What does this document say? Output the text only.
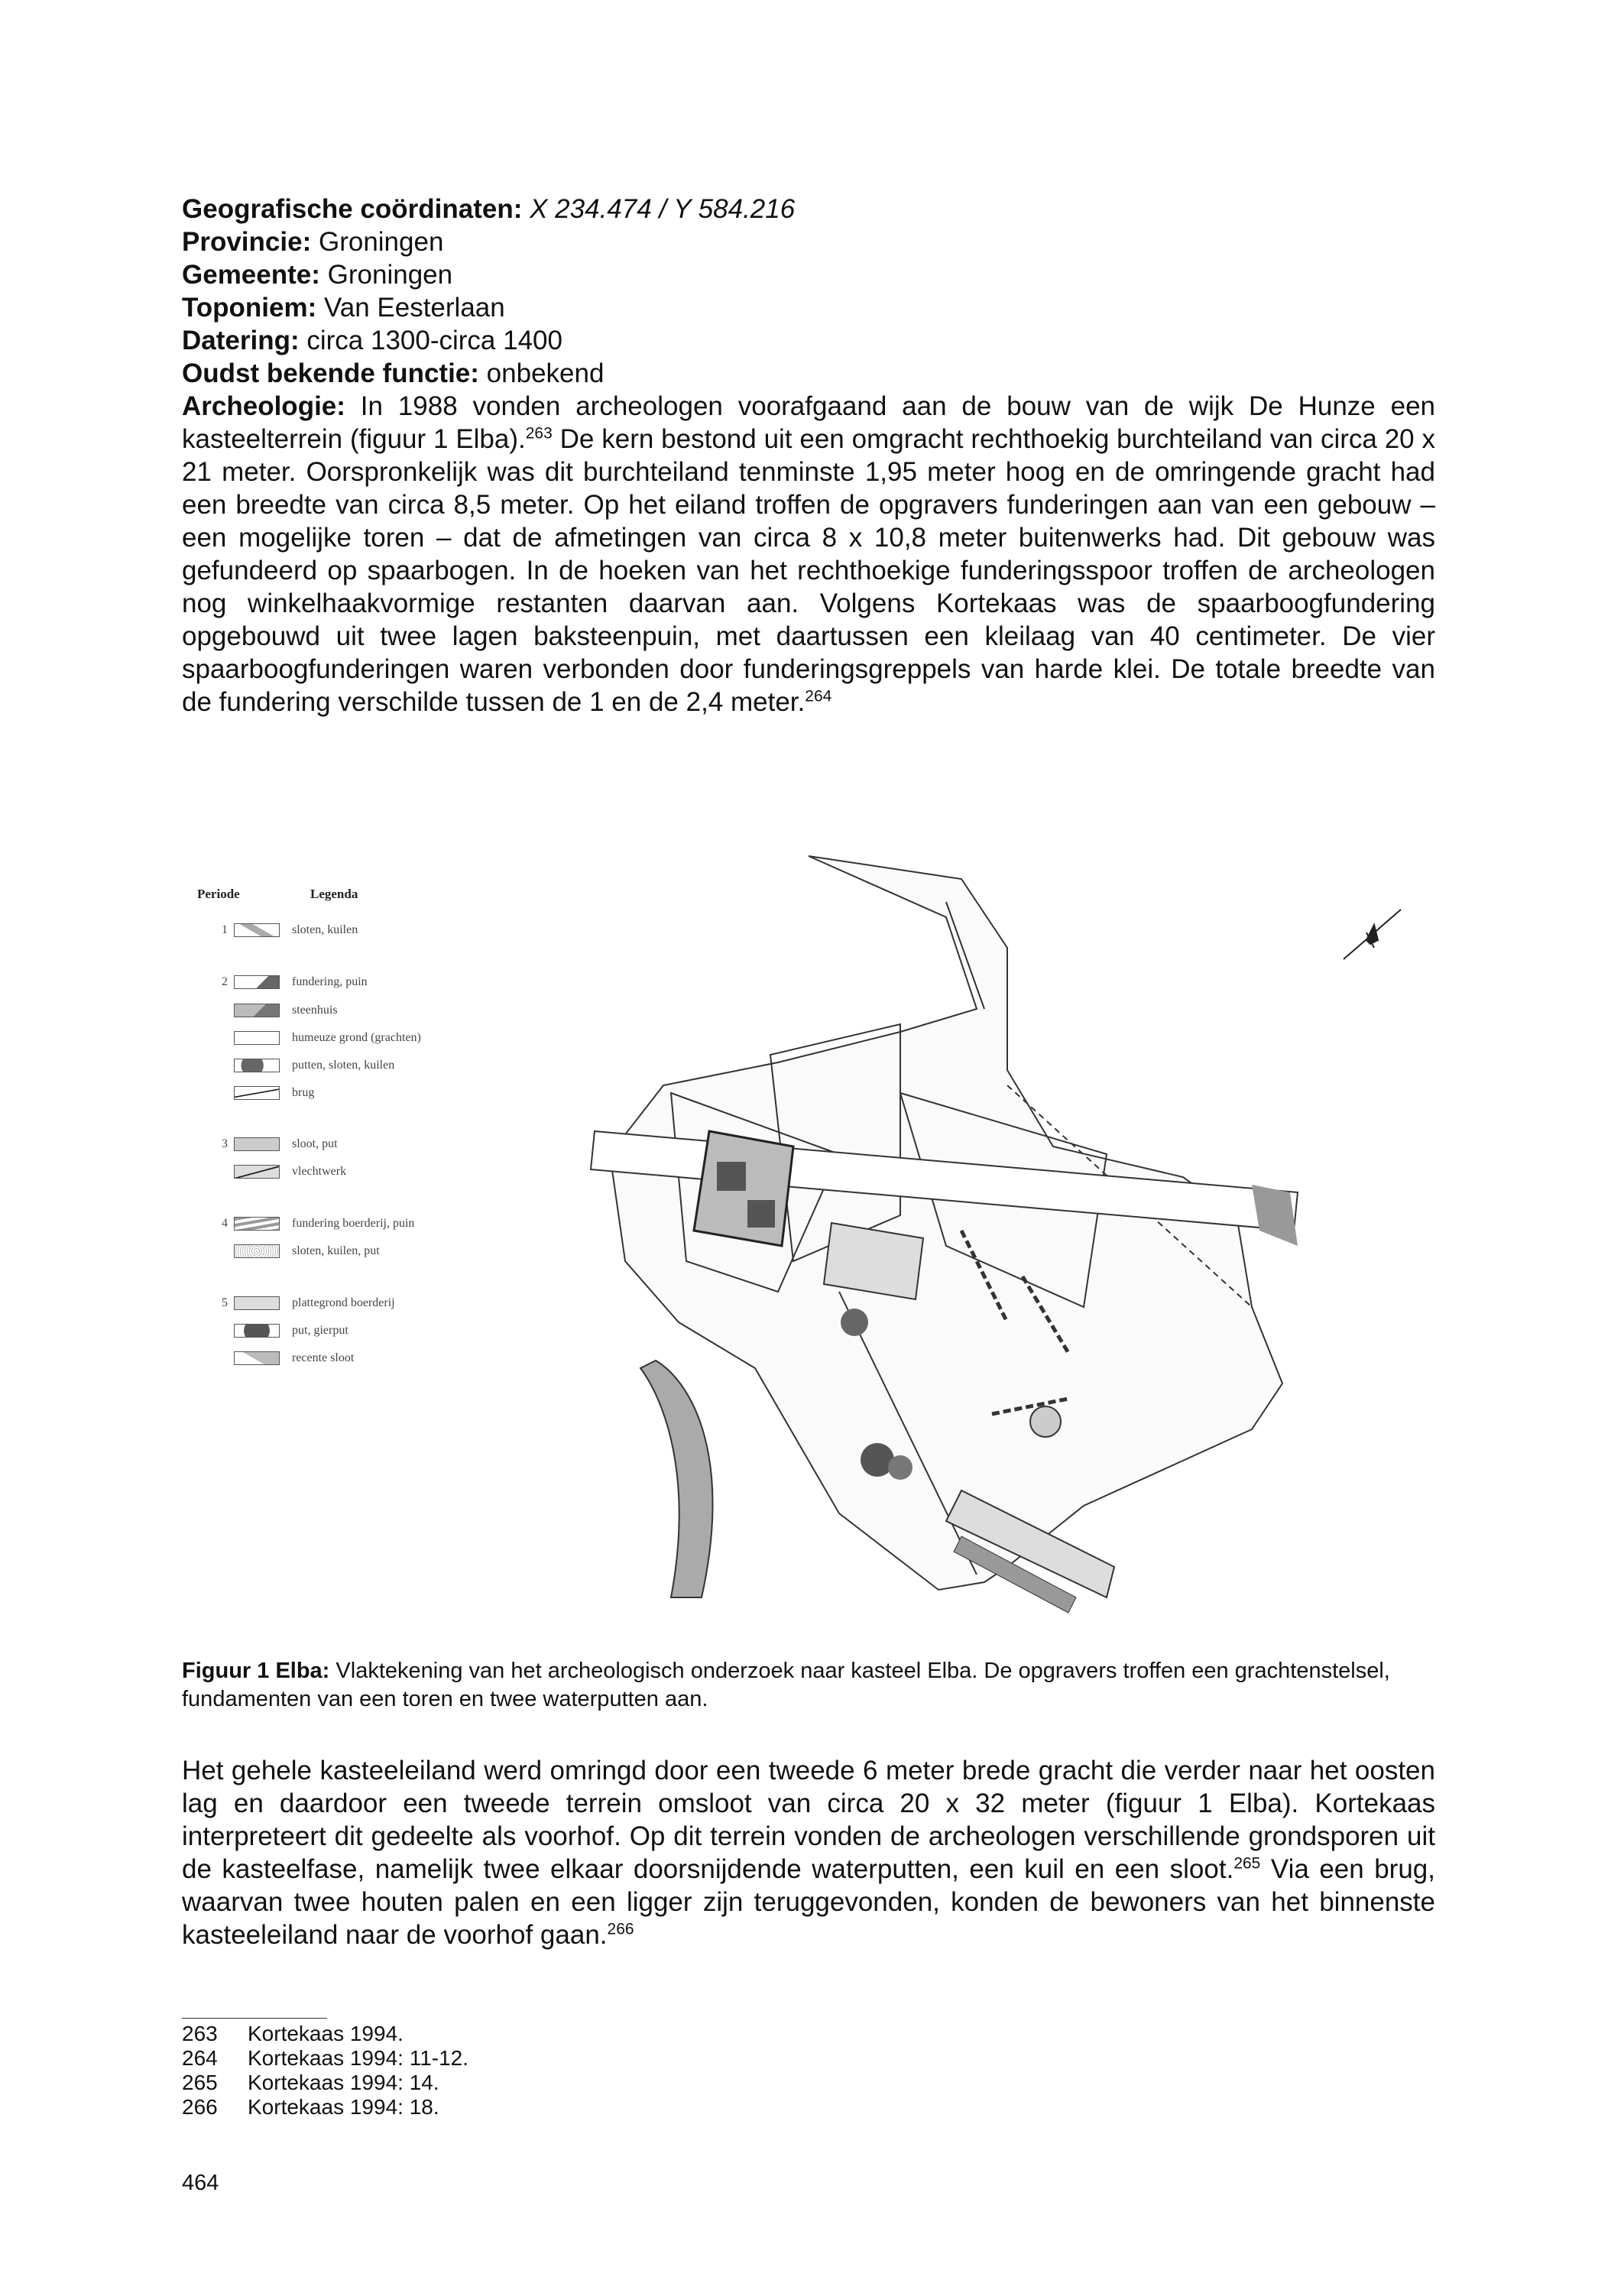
Geografische coördinaten: X 234.474 / Y 584.216
Provincie: Groningen
Gemeente: Groningen
Toponiem: Van Eesterlaan
Datering: circa 1300-circa 1400
Oudst bekende functie: onbekend

Archeologie: In 1988 vonden archeologen voorafgaand aan de bouw van de wijk De Hunze een kasteelterrein (figuur 1 Elba).$^{263}$ De kern bestond uit een omgracht rechthoekig burchteiland van circa 20 x 21 meter. Oorspronkelijk was dit burchteiland tenminste 1,95 meter hoog en de omringende gracht had een breedte van circa 8,5 meter. Op het eiland troffen de opgravers funderingen aan van een gebouw – een mogelijke toren – dat de afmetingen van circa 8 x 10,8 meter buitenwerks had. Dit gebouw was gefundeerd op spaarbogen. In de hoeken van het rechthoekige funderingsspoor troffen de archeologen nog winkelhaakvormige restanten daarvan aan. Volgens Kortekaas was de spaarboogfundering opgebouwd uit twee lagen baksteenpuin, met daartussen een kleilaag van 40 centimeter. De vier spaarboogfunderingen waren verbonden door funderingsgreppels van harde klei. De totale breedte van de fundering verschilde tussen de 1 en de 2,4 meter.$^{264}$

Periode	Legenda
1	sloten, kuilen
2	fundering, puin
steenhuis
humeuze grond (grachten)
putten, sloten, kuilen
brug
3	sloot, put
vlechtwerk
4	fundering boerderij, puin
sloten, kuilen, put
5	plattegrond boerderij
put, gierput
recente sloot
Figuur 1 Elba: Vlaktekening van het archeologisch onderzoek naar kasteel Elba. De opgravers troffen een grachtenstelsel, fundamenten van een toren en twee waterputten aan.

Het gehele kasteeleiland werd omringd door een tweede 6 meter brede gracht die verder naar het oosten lag en daardoor een tweede terrein omsloot van circa 20 x 32 meter (figuur 1 Elba). Kortekaas interpreteert dit gedeelte als voorhof. Op dit terrein vonden de archeologen verschillende grondsporen uit de kasteelfase, namelijk twee elkaar doorsnijdende waterputten, een kuil en een sloot.$^{265}$ Via een brug, waarvan twee houten palen en een ligger zijn teruggevonden, konden de bewoners van het binnenste kasteeleiland naar de voorhof gaan.$^{266}$

263 Kortekaas 1994.
264 Kortekaas 1994: 11-12.
265 Kortekaas 1994: 14.
266 Kortekaas 1994: 18.
464
